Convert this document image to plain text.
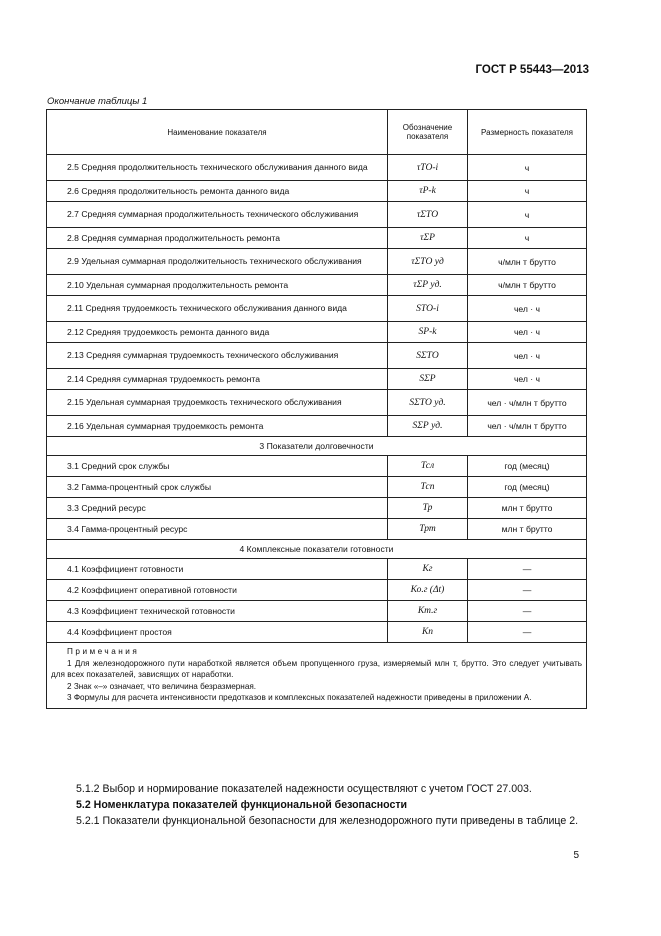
ГОСТ Р 55443—2013
Окончание таблицы 1
Наименование показателя	Обозначение показателя	Размерность показателя
2.5 Средняя продолжительность технического обслуживания данного вида	τТО-i	ч
2.6 Средняя продолжительность ремонта данного вида	τР-k	ч
2.7 Средняя суммарная продолжительность технического обслуживания	τΣТО	ч
2.8 Средняя суммарная продолжительность ремонта	τΣР	ч
2.9 Удельная суммарная продолжительность технического обслуживания	τΣТО уд	ч/млн т брутто
2.10 Удельная суммарная продолжительность ремонта	τΣР уд.	ч/млн т брутто
2.11 Средняя трудоемкость технического обслуживания данного вида	SТО-i	чел · ч
2.12 Средняя трудоемкость ремонта данного вида	SР-k	чел · ч
2.13 Средняя суммарная трудоемкость технического обслуживания	SΣТО	чел · ч
2.14 Средняя суммарная трудоемкость ремонта	SΣР	чел · ч
2.15 Удельная суммарная трудоемкость технического обслуживания	SΣТО уд.	чел · ч/млн т брутто
2.16 Удельная суммарная трудоемкость ремонта	SΣР уд.	чел · ч/млн т брутто
3 Показатели долговечности		
3.1 Средний срок службы	Тсл	год (месяц)
3.2 Гамма-процентный срок службы	Тсп	год (месяц)
3.3 Средний ресурс	Тр	млн т брутто
3.4 Гамма-процентный ресурс	Трт	млн т брутто
4 Комплексные показатели готовности		
4.1 Коэффициент готовности	Кг	—
4.2 Коэффициент оперативной готовности	Ко.г (Δt)	—
4.3 Коэффициент технической готовности	Кт.г	—
4.4 Коэффициент простоя	Кп	—

Примечания
1 Для железнодорожного пути наработкой является объем пропущенного груза, измеряемый млн т, брутто. Это следует учитывать для всех показателей, зависящих от наработки.
2 Знак «–» означает, что величина безразмерная.
3 Формулы для расчета интенсивности предотказов и комплексных показателей надежности приведены в приложении А.		
5.1.2 Выбор и нормирование показателей надежности осуществляют с учетом ГОСТ 27.003.
5.2 Номенклатура показателей функциональной безопасности
5.2.1 Показатели функциональной безопасности для железнодорожного пути приведены в таблице 2.
5
